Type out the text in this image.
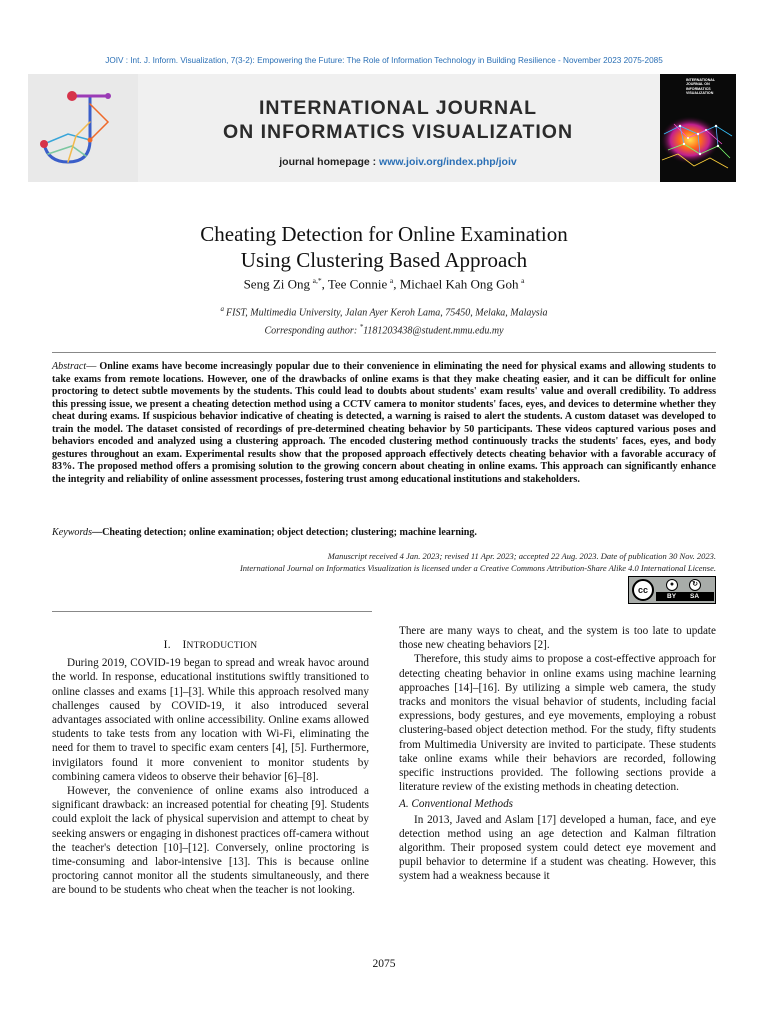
JOIV : Int. J. Inform. Visualization, 7(3-2): Empowering the Future: The Role of Information Technology in Building Resilience - November 2023 2075-2085
INTERNATIONAL JOURNAL
ON INFORMATICS VISUALIZATION
journal homepage : www.joiv.org/index.php/joiv
INTERNATIONAL JOURNAL ON INFORMATICS VISUALIZATION
Cheating Detection for Online Examination
Using Clustering Based Approach
Seng Zi Ong  $^{a,*}$, Tee Connie  $^a$, Michael Kah Ong Goh  $^a$
$^a$  FIST, Multimedia University, Jalan Ayer Keroh Lama, 75450, Melaka, Malaysia
Corresponding author: *1181203438@student.mmu.edu.my
Abstract— Online exams have become increasingly popular due to their convenience in eliminating the need for physical exams and allowing students to take exams from remote locations. However, one of the drawbacks of online exams is that they make cheating easier, and it can be difficult for online proctoring to detect subtle movements by the students. This could lead to doubts about students' exam results' value and overall credibility. To address this pressing issue, we present a cheating detection method using a CCTV camera to monitor students' faces, eyes, and devices to determine whether they cheat during exams. If suspicious behavior indicative of cheating is detected, a warning is raised to alert the students. A custom dataset was developed to train the model. The dataset consisted of recordings of pre-determined cheating behavior by 50 participants. These videos captured various poses and behaviors encoded and analyzed using a clustering approach. The encoded clustering method continuously tracks the students' faces, eyes, and body gestures throughout an exam. Experimental results show that the proposed approach effectively detects cheating behavior with a favorable accuracy of 83%. The proposed method offers a promising solution to the growing concern about cheating in online exams. This approach can significantly enhance the integrity and reliability of online assessment processes, fostering trust among educational institutions and stakeholders.
Keywords—Cheating detection; online examination; object detection; clustering; machine learning.
Manuscript received 4 Jan. 2023; revised 11 Apr. 2023; accepted 22 Aug. 2023. Date of publication 30 Nov. 2023.
International Journal on Informatics Visualization is licensed under a Creative Commons Attribution-Share Alike 4.0 International License.
cc
●	↻
BY SA
I.  INTRODUCTION

During 2019, COVID-19 began to spread and wreak havoc around the world. In response, educational institutions swiftly transitioned to online classes and exams [1]–[3]. While this approach resolved many challenges caused by COVID-19, it also introduced several advantages associated with online accessibility. Online exams allowed students to take tests from any location with Wi-Fi, eliminating the need for them to travel to specific exam centers [4], [5]. Furthermore, invigilators found it more convenient to monitor students by combining camera videos to observe their behavior [6]–[8].

However, the convenience of online exams also introduced a significant drawback: an increased potential for cheating [9]. Students could exploit the lack of physical supervision and attempt to cheat by seeking answers or engaging in dishonest practices off-camera without the teacher's detection [10]–[12]. Conversely, online proctoring is time-consuming and labor-intensive [13]. This is because online proctoring cannot monitor all the students simultaneously, and there are bound to be students who cheat when the teacher is not looking.

There are many ways to cheat, and the system is too late to update those new cheating behaviors [2].

Therefore, this study aims to propose a cost-effective approach for detecting cheating behavior in online exams using machine learning approaches [14]–[16]. By utilizing a simple web camera, the study tracks and monitors the visual behavior of students, including facial expressions, body gestures, and eye movements, employing a robust clustering-based object detection method. For the study, fifty students from Multimedia University are invited to participate. These students take online exams while their behaviors are recorded, following specific instructions provided. The following sections provide a literature review of the existing methods in cheating detection.

A. Conventional Methods

In 2013, Javed and Aslam [17] developed a human, face, and eye detection method using an age detection and Kalman filtration algorithm. Their proposed system could detect eye movement and pupil behavior to determine if a student was cheating. However, this system had a weakness because it

2075
